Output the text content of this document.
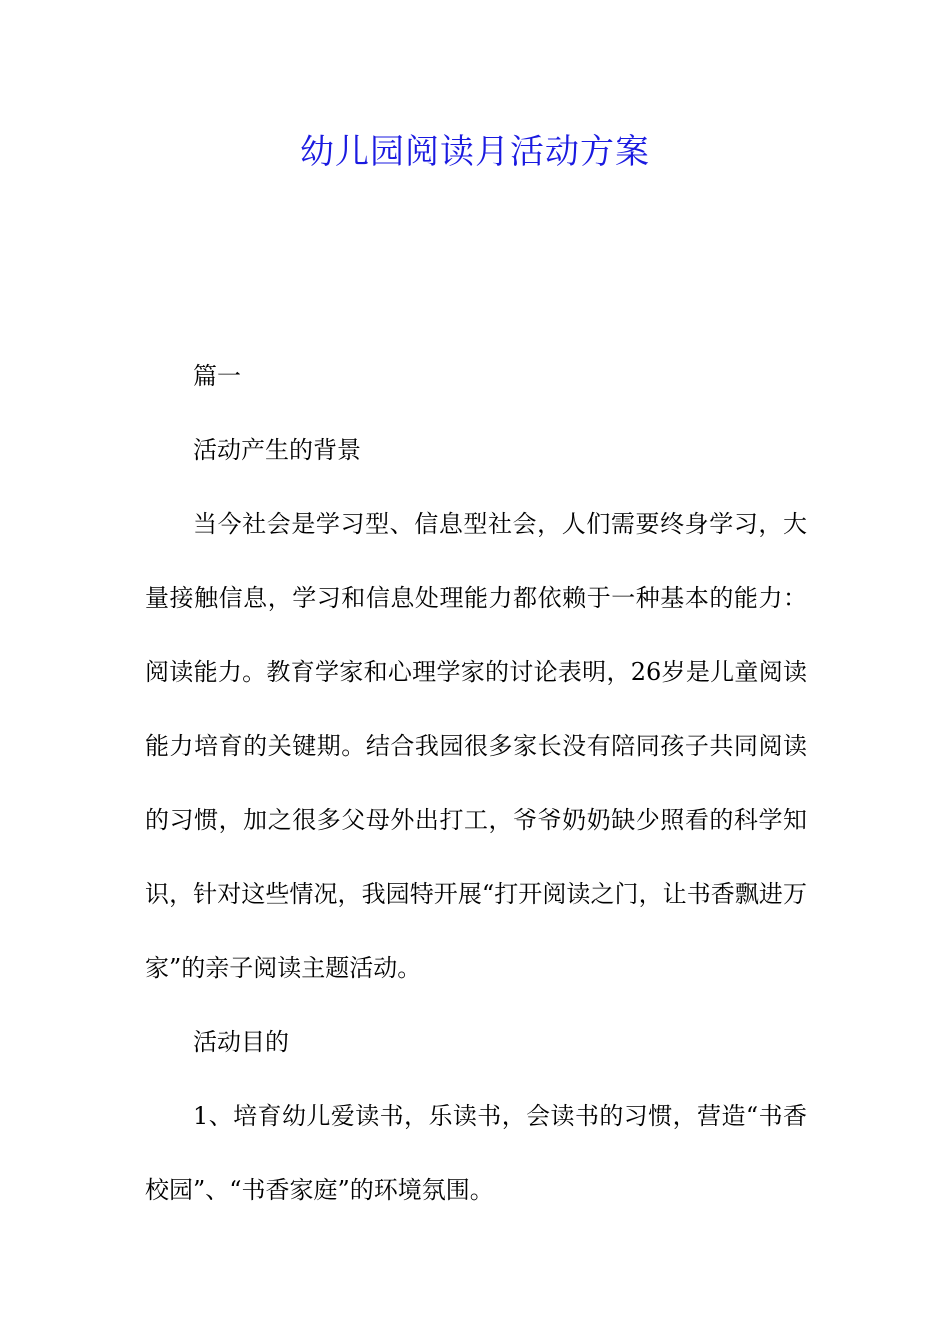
幼儿园阅读月活动方案

篇一

活动产生的背景

当今社会是学习型、信息型社会，人们需要终身学习，大量接触信息，学习和信息处理能力都依赖于一种基本的能力：阅读能力。教育学家和心理学家的讨论表明，26岁是儿童阅读能力培育的关键期。结合我园很多家长没有陪同孩子共同阅读的习惯，加之很多父母外出打工，爷爷奶奶缺少照看的科学知识，针对这些情况，我园特开展“打开阅读之门，让书香飘进万家”的亲子阅读主题活动。

活动目的

1、培育幼儿爱读书，乐读书，会读书的习惯，营造“书香校园”、“书香家庭”的环境氛围。
